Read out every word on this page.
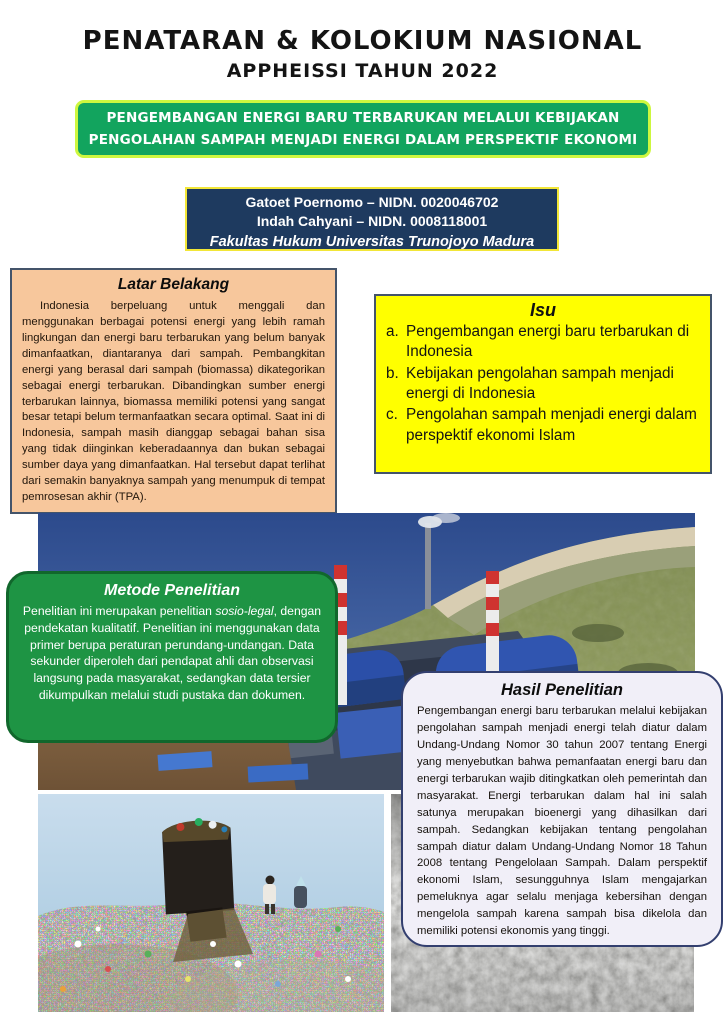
PENATARAN & KOLOKIUM NASIONAL
APPHEISSI TAHUN 2022
PENGEMBANGAN ENERGI BARU TERBARUKAN MELALUI KEBIJAKAN
PENGOLAHAN SAMPAH MENJADI ENERGI DALAM PERSPEKTIF EKONOMI
Gatoet Poernomo – NIDN. 0020046702
Indah Cahyani – NIDN. 0008118001
Fakultas Hukum Universitas Trunojoyo Madura
Latar Belakang
Indonesia berpeluang untuk menggali dan menggunakan berbagai potensi energi yang lebih ramah lingkungan dan energi baru terbarukan yang belum banyak dimanfaatkan, diantaranya dari sampah. Pembangkitan energi yang berasal dari sampah (biomassa) dikategorikan sebagai energi terbarukan. Dibandingkan sumber energi terbarukan lainnya, biomassa memiliki potensi yang sangat besar tetapi belum termanfaatkan secara optimal. Saat ini di Indonesia, sampah masih dianggap sebagai bahan sisa yang tidak diinginkan keberadaannya dan bukan sebagai sumber daya yang dimanfaatkan. Hal tersebut dapat terlihat dari semakin banyaknya sampah yang menumpuk di tempat pemrosesan akhir (TPA).
Isu
a. Pengembangan energi baru terbarukan di Indonesia
b. Kebijakan pengolahan sampah menjadi energi di Indonesia
c. Pengolahan sampah menjadi energi dalam perspektif ekonomi Islam
Metode Penelitian
Penelitian ini merupakan penelitian sosio-legal, dengan pendekatan kualitatif. Penelitian ini menggunakan data primer berupa peraturan perundang-undangan. Data sekunder diperoleh dari pendapat ahli dan observasi langsung pada masyarakat, sedangkan data tersier dikumpulkan melalui studi pustaka dan dokumen.	Hasil Penelitian
Pengembangan energi baru terbarukan melalui kebijakan pengolahan sampah menjadi energi telah diatur dalam Undang-Undang Nomor 30 tahun 2007 tentang Energi yang menyebutkan bahwa pemanfaatan energi baru dan energi terbarukan wajib ditingkatkan oleh pemerintah dan masyarakat. Energi terbarukan dalam hal ini salah satunya merupakan bioenergi yang dihasilkan dari sampah. Sedangkan kebijakan tentang pengolahan sampah diatur dalam Undang-Undang Nomor 18 Tahun 2008 tentang Pengelolaan Sampah. Dalam perspektif ekonomi Islam, sesungguhnya Islam mengajarkan pemeluknya agar selalu menjaga kebersihan dengan mengelola sampah karena sampah bisa dikelola dan memiliki potensi ekonomis yang tinggi.
